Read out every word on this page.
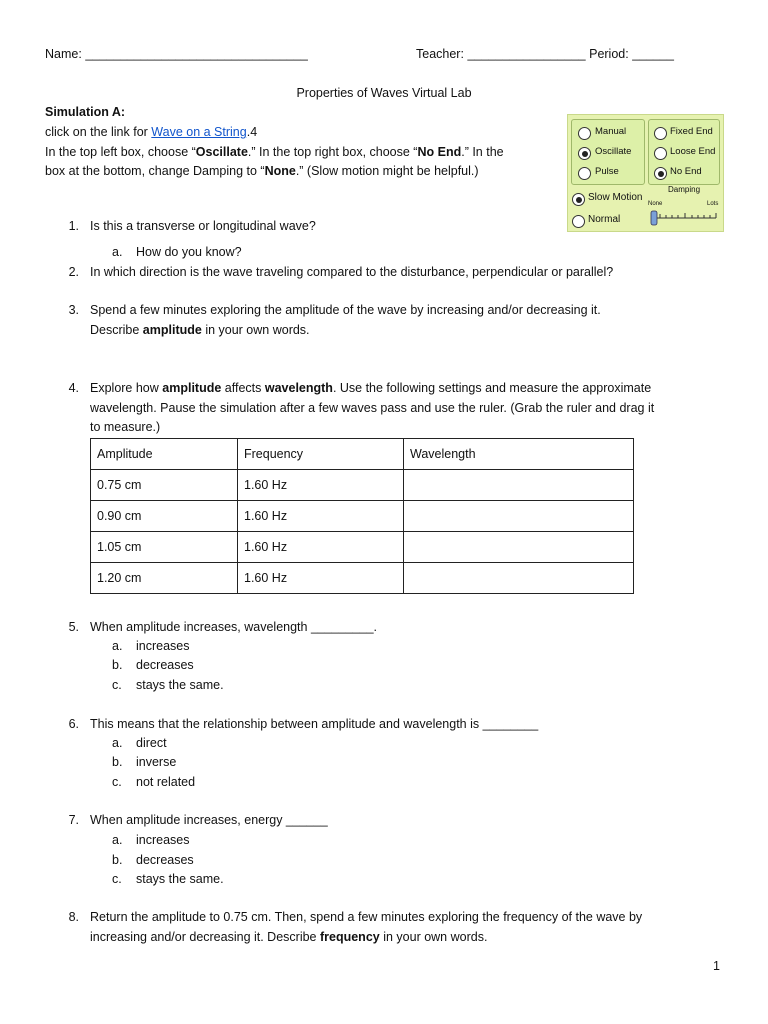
Name: ________________________________	Teacher: _________________ Period: ______
Properties of Waves Virtual Lab
Simulation A:
click on the link for Wave on a String.4
In the top left box, choose “Oscillate.” In the top right box, choose “No End.” In the
box at the bottom, change Damping to “None.” (Slow motion might be helpful.)
Manual
Oscillate
Pulse
Fixed End
Loose End
No End
Slow Motion
Normal
Damping
None	Lots
1. Is this a transverse or longitudinal wave?
a. How do you know?
2. In which direction is the wave traveling compared to the disturbance, perpendicular or parallel?
3. Spend a few minutes exploring the amplitude of the wave by increasing and/or decreasing it.
Describe amplitude in your own words.
4. Explore how amplitude affects wavelength. Use the following settings and measure the approximate
wavelength. Pause the simulation after a few waves pass and use the ruler. (Grab the ruler and drag it
to measure.)
Amplitude	Frequency	Wavelength
0.75 cm	1.60 Hz	
0.90 cm	1.60 Hz	
1.05 cm	1.60 Hz	
1.20 cm	1.60 Hz	
5. When amplitude increases, wavelength _________.
a. increases
b. decreases
c.	stays the same.
6. This means that the relationship between amplitude and wavelength is ________
a. direct
b. inverse
c.	not related
7. When amplitude increases, energy ______
a. increases
b. decreases
c.	stays the same.
8. Return the amplitude to 0.75 cm. Then, spend a few minutes exploring the frequency of the wave by
increasing and/or decreasing it. Describe frequency in your own words.
1
